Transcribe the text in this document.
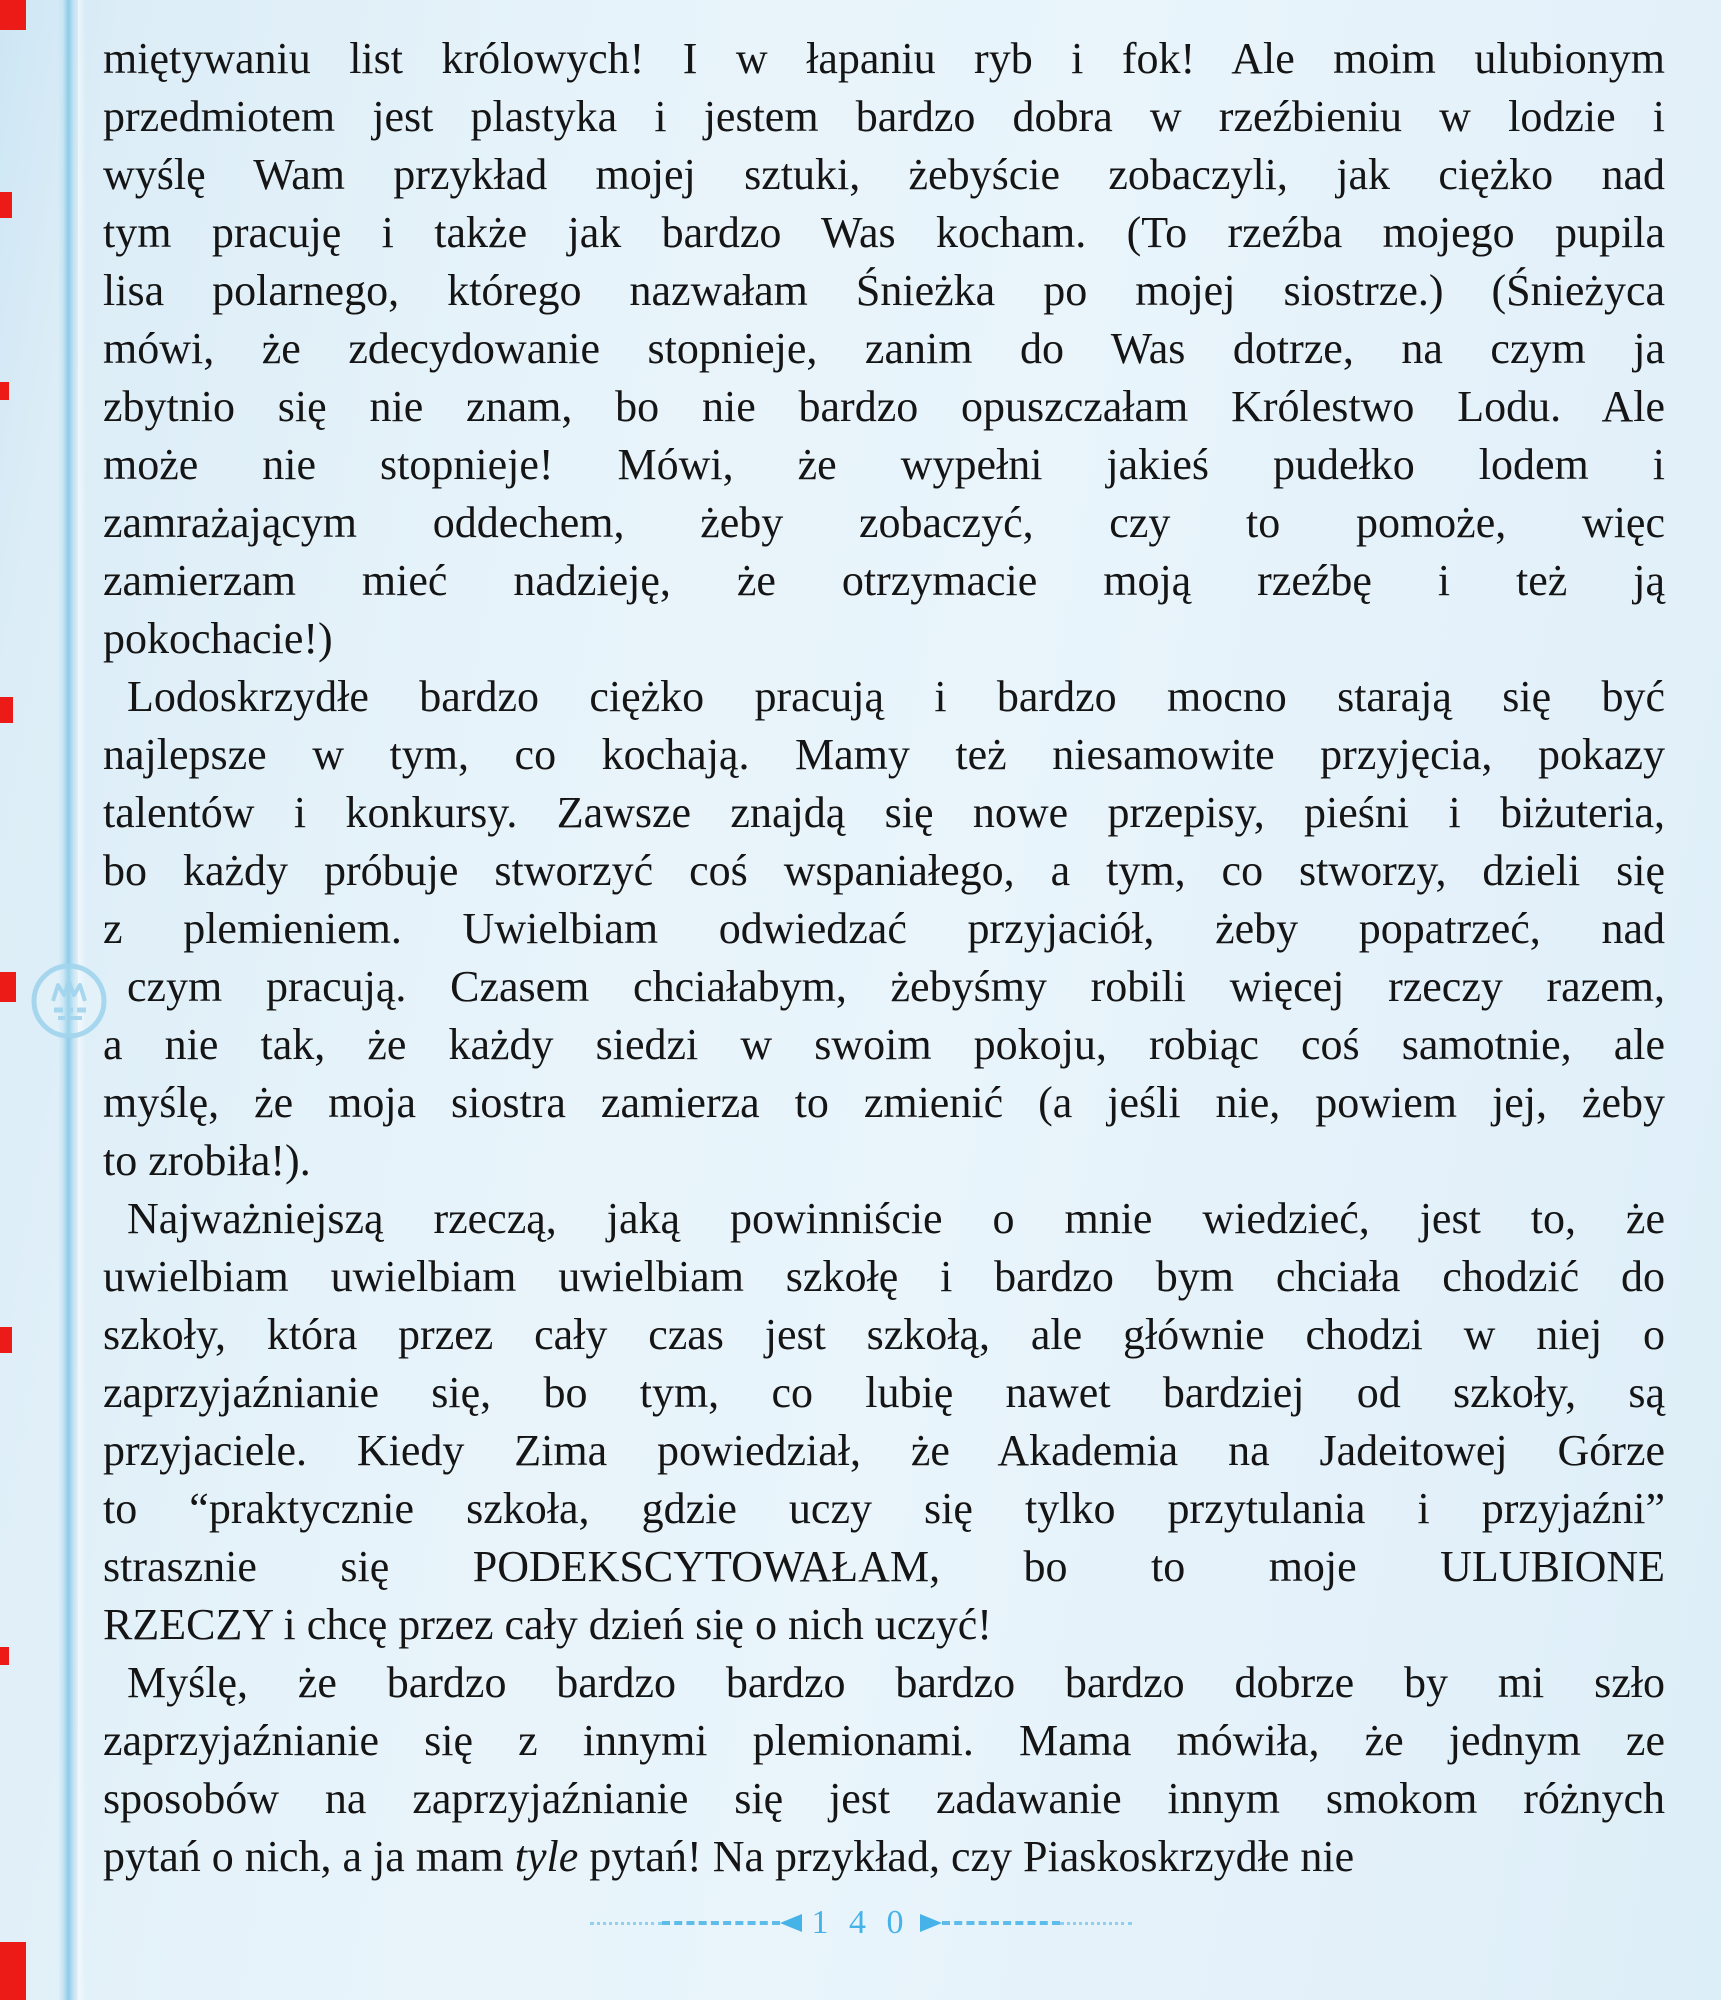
miętywaniu list królowych! I w łapaniu ryb i fok! Ale moim ulubionym
przedmiotem jest plastyka i jestem bardzo dobra w rzeźbieniu w lodzie i
wyślę Wam przykład mojej sztuki, żebyście zobaczyli, jak ciężko nad
tym pracuję i także jak bardzo Was kocham. (To rzeźba mojego pupila
lisa polarnego, którego nazwałam Śnieżka po mojej siostrze.) (Śnieżyca
mówi, że zdecydowanie stopnieje, zanim do Was dotrze, na czym ja
zbytnio się nie znam, bo nie bardzo opuszczałam Królestwo Lodu. Ale
może nie stopnieje! Mówi, że wypełni jakieś pudełko lodem i
zamrażającym oddechem, żeby zobaczyć, czy to pomoże, więc
zamierzam mieć nadzieję, że otrzymacie moją rzeźbę i też ją
pokochacie!)
Lodoskrzydłe bardzo ciężko pracują i bardzo mocno starają się być
najlepsze w tym, co kochają. Mamy też niesamowite przyjęcia, pokazy
talentów i konkursy. Zawsze znajdą się nowe przepisy, pieśni i biżuteria,
bo każdy próbuje stworzyć coś wspaniałego, a tym, co stworzy, dzieli się
z plemieniem. Uwielbiam odwiedzać przyjaciół, żeby popatrzeć, nad
czym pracują. Czasem chciałabym, żebyśmy robili więcej rzeczy razem,
a nie tak, że każdy siedzi w swoim pokoju, robiąc coś samotnie, ale
myślę, że moja siostra zamierza to zmienić (a jeśli nie, powiem jej, żeby
to zrobiła!).
Najważniejszą rzeczą, jaką powinniście o mnie wiedzieć, jest to, że
uwielbiam uwielbiam uwielbiam szkołę i bardzo bym chciała chodzić do
szkoły, która przez cały czas jest szkołą, ale głównie chodzi w niej o
zaprzyjaźnianie się, bo tym, co lubię nawet bardziej od szkoły, są
przyjaciele. Kiedy Zima powiedział, że Akademia na Jadeitowej Górze
to “praktycznie szkoła, gdzie uczy się tylko przytulania i przyjaźni”
strasznie się PODEKSCYTOWAŁAM, bo to moje ULUBIONE
RZECZY i chcę przez cały dzień się o nich uczyć!
Myślę, że bardzo bardzo bardzo bardzo bardzo dobrze by mi szło
zaprzyjaźnianie się z innymi plemionami. Mama mówiła, że jednym ze
sposobów na zaprzyjaźnianie się jest zadawanie innym smokom różnych
pytań o nich, a ja mam tyle pytań! Na przykład, czy Piaskoskrzydłe nie
1 4 0
